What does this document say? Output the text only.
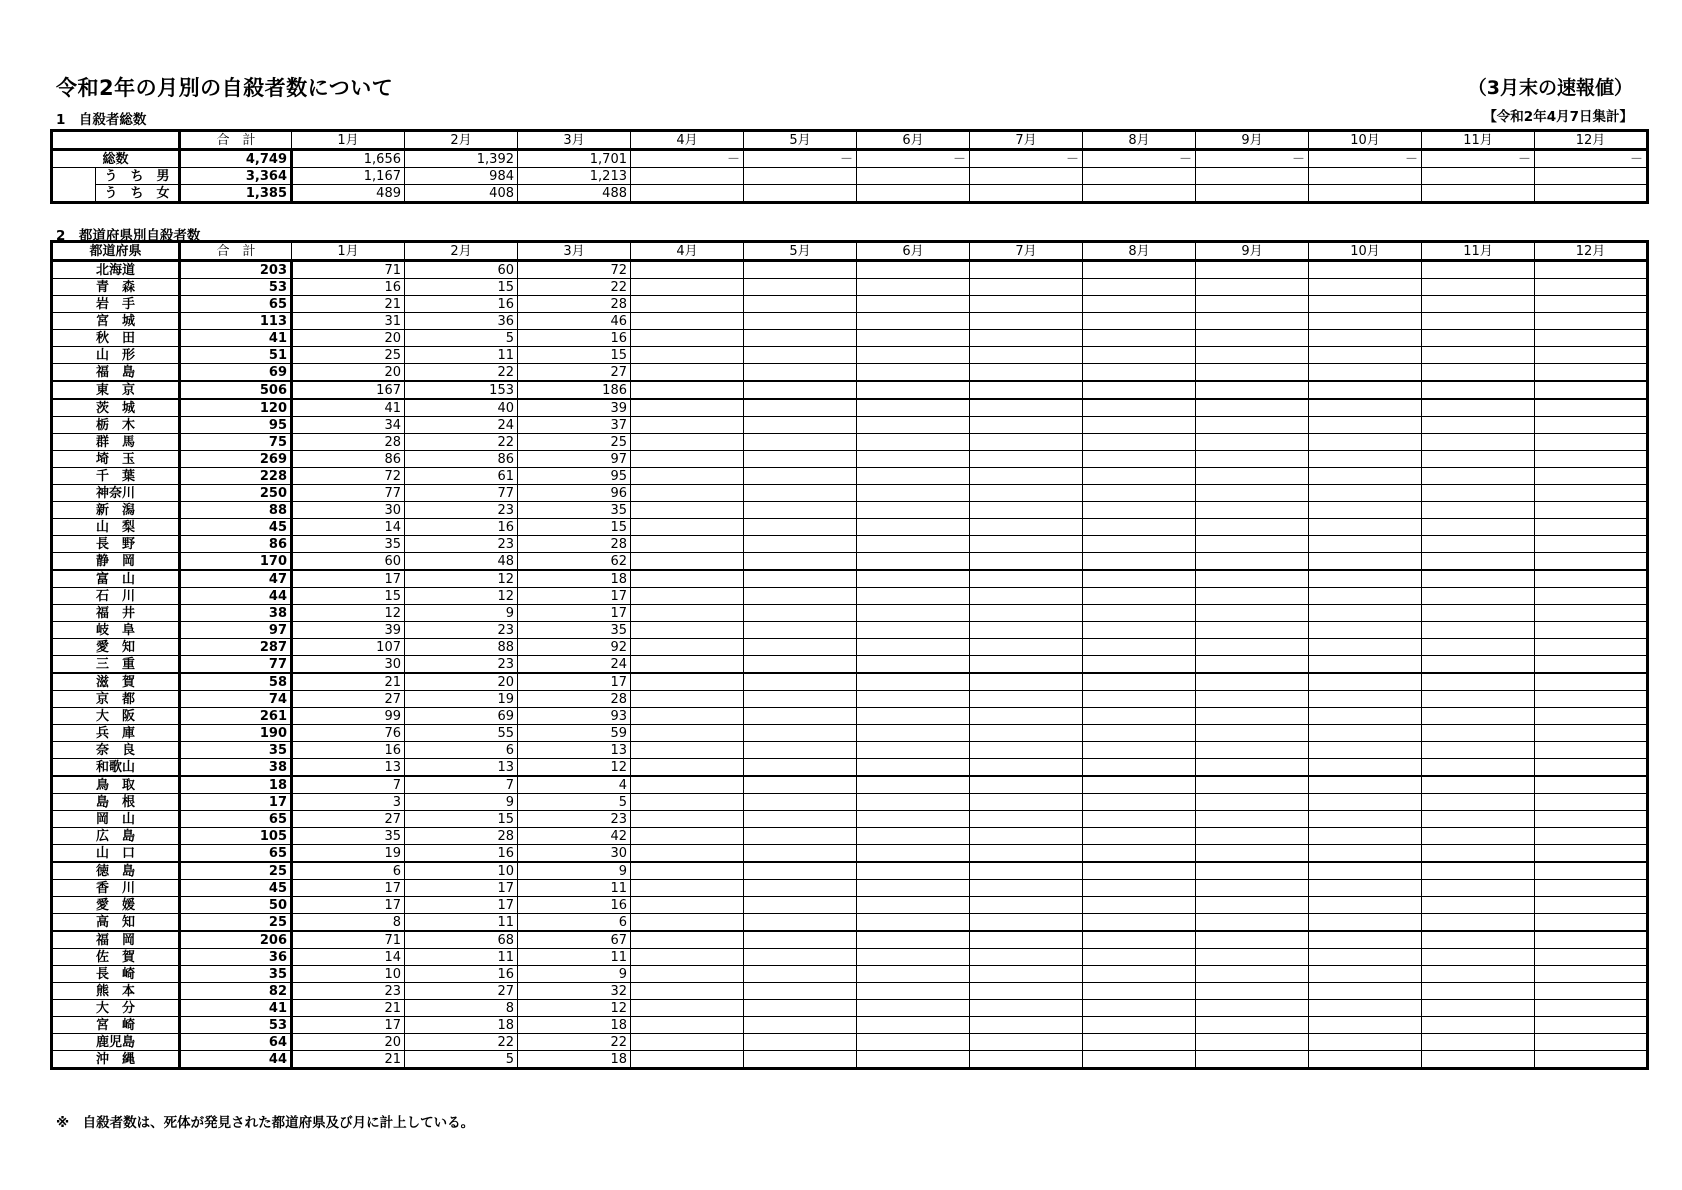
令和2年の月別の自殺者数について	（3月末の速報値）
1　自殺者総数	【令和2年4月7日集計】
		合　計	1月	2月	3月	4月	5月	6月	7月	8月	9月	10月	11月	12月
総数		4,749	1,656	1,392	1,701	－	－	－	－	－	－	－	－	－
	う　ち　男	3,364	1,167	984	1,213									
	う　ち　女	1,385	489	408	488									
2　都道府県別自殺者数
都道府県	合　計	1月	2月	3月	4月	5月	6月	7月	8月	9月	10月	11月	12月
北海道	203	71	60	72									
青　森	53	16	15	22									
岩　手	65	21	16	28									
宮　城	113	31	36	46									
秋　田	41	20	5	16									
山　形	51	25	11	15									
福　島	69	20	22	27									
東　京	506	167	153	186									
茨　城	120	41	40	39									
栃　木	95	34	24	37									
群　馬	75	28	22	25									
埼　玉	269	86	86	97									
千　葉	228	72	61	95									
神奈川	250	77	77	96									
新　潟	88	30	23	35									
山　梨	45	14	16	15									
長　野	86	35	23	28									
静　岡	170	60	48	62									
富　山	47	17	12	18									
石　川	44	15	12	17									
福　井	38	12	9	17									
岐　阜	97	39	23	35									
愛　知	287	107	88	92									
三　重	77	30	23	24									
滋　賀	58	21	20	17									
京　都	74	27	19	28									
大　阪	261	99	69	93									
兵　庫	190	76	55	59									
奈　良	35	16	6	13									
和歌山	38	13	13	12									
鳥　取	18	7	7	4									
島　根	17	3	9	5									
岡　山	65	27	15	23									
広　島	105	35	28	42									
山　口	65	19	16	30									
徳　島	25	6	10	9									
香　川	45	17	17	11									
愛　媛	50	17	17	16									
高　知	25	8	11	6									
福　岡	206	71	68	67									
佐　賀	36	14	11	11									
長　崎	35	10	16	9									
熊　本	82	23	27	32									
大　分	41	21	8	12									
宮　崎	53	17	18	18									
鹿児島	64	20	22	22									
沖　縄	44	21	5	18									
※　自殺者数は、死体が発見された都道府県及び月に計上している。
